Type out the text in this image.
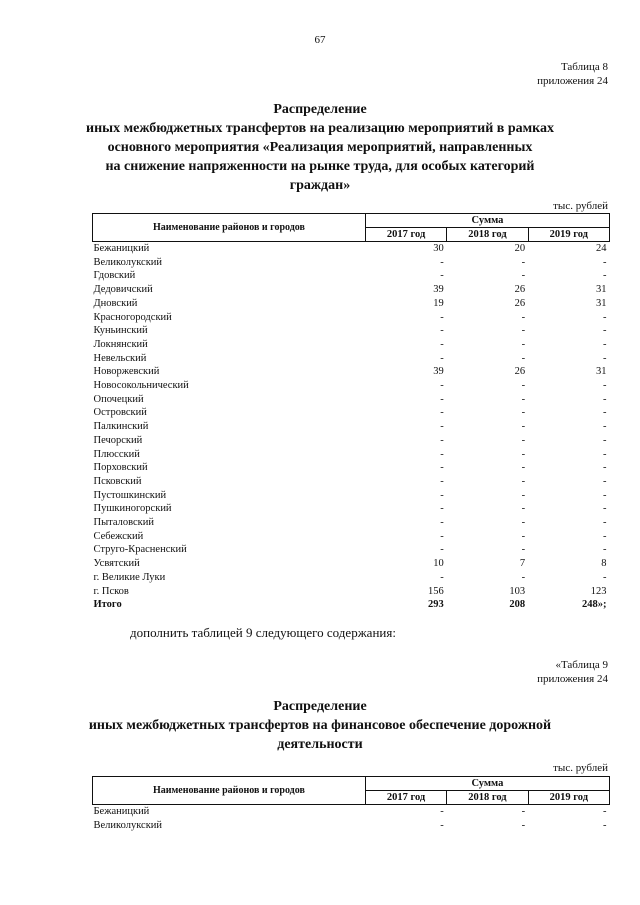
67
Таблица 8
приложения 24
Распределение
иных межбюджетных трансфертов на реализацию мероприятий в рамках
основного мероприятия «Реализация мероприятий, направленных
на снижение напряженности на рынке труда, для особых категорий
граждан»
тыс. рублей
Наименование районов и городов	Сумма		
	2017 год	2018 год	2019 год
Бежаницкий	30	20	24
Великолукский	-	-	-
Гдовский	-	-	-
Дедовичский	39	26	31
Дновский	19	26	31
Красногородский	-	-	-
Куньинский	-	-	-
Локнянский	-	-	-
Невельский	-	-	-
Новоржевский	39	26	31
Новосокольнический	-	-	-
Опочецкий	-	-	-
Островский	-	-	-
Палкинский	-	-	-
Печорский	-	-	-
Плюсский	-	-	-
Порховский	-	-	-
Псковский	-	-	-
Пустошкинский	-	-	-
Пушкиногорский	-	-	-
Пыталовский	-	-	-
Себежский	-	-	-
Струго-Красненский	-	-	-
Усвятский	10	7	8
г. Великие Луки	-	-	-
г. Псков	156	103	123
Итого	293	208	248»;
дополнить таблицей 9 следующего содержания:
«Таблица 9
приложения 24
Распределение
иных межбюджетных трансфертов на финансовое обеспечение дорожной
деятельности
тыс. рублей
Наименование районов и городов	Сумма		
	2017 год	2018 год	2019 год
Бежаницкий	-	-	-
Великолукский	-	-	-
